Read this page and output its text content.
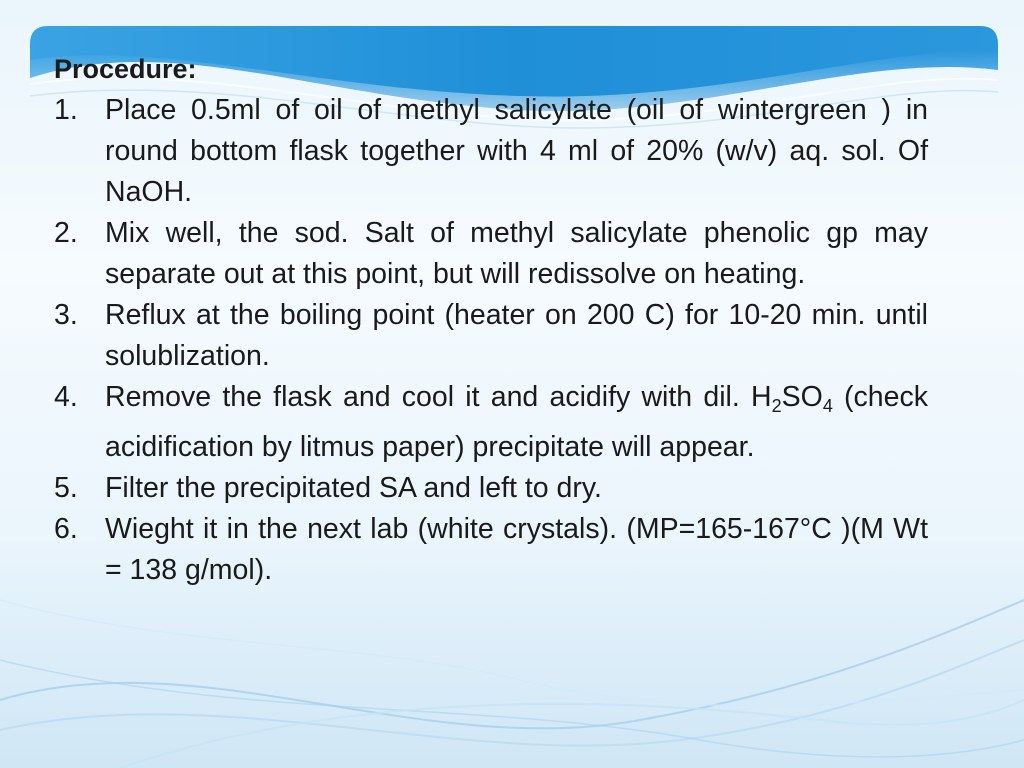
Procedure:
1. Place 0.5ml of oil of methyl salicylate (oil of wintergreen ) in round bottom flask together with 4 ml of 20% (w/v) aq. sol. Of NaOH.
2. Mix well, the sod. Salt of methyl salicylate phenolic gp may separate out at this point, but will redissolve on heating.
3. Reflux at the boiling point (heater on 200 C) for 10-20 min. until solublization.
4. Remove the flask and cool it and acidify with dil. $H_2SO_4$ (check acidification by litmus paper) precipitate will appear.
5. Filter the precipitated SA and left to dry.
6. Wieght it in the next lab (white crystals). (MP=165-167°C )(M Wt = 138 g/mol).
